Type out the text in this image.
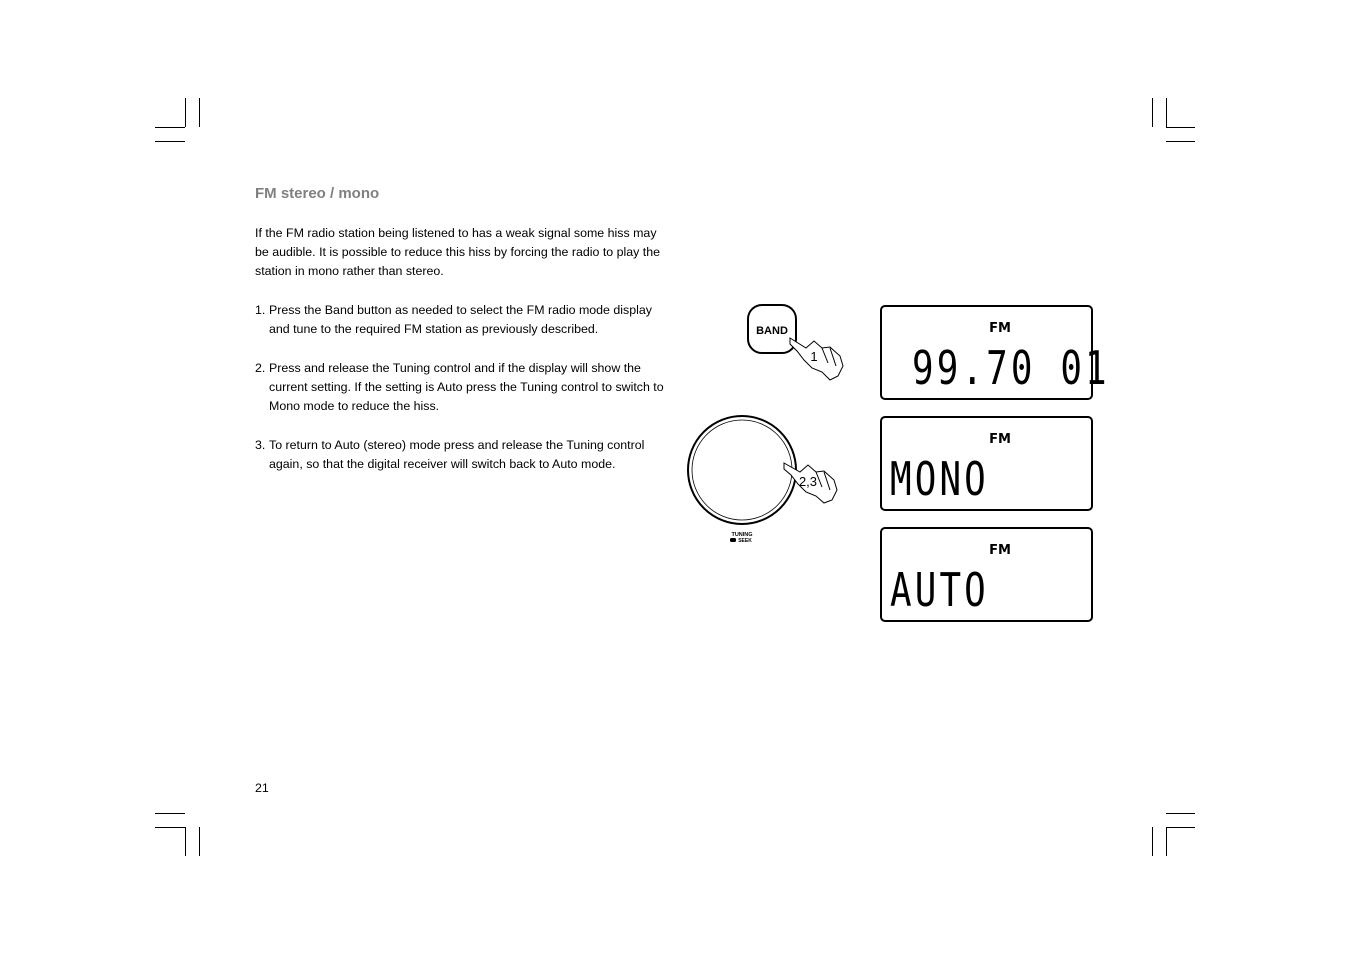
FM stereo / mono
If the FM radio station being listened to has a weak signal some hiss may be audible. It is possible to reduce this hiss by forcing the radio to play the station in mono rather than stereo.
1. Press the Band button as needed to select the FM radio mode display and tune to the required FM station as previously described.
2. Press and release the Tuning control and if the display will show the current setting. If the setting is Auto press the Tuning control to switch to Mono mode to reduce the hiss.
3. To return to Auto (stereo) mode press and release the Tuning control again, so that the digital receiver will switch back to Auto mode.
21
BAND
1
TUNING
SEEK
2,3
FM
99.70 01
FM
MONO
FM
AUTO
